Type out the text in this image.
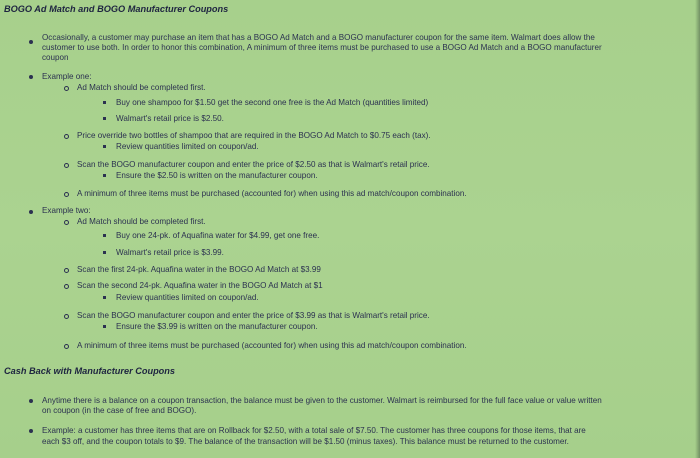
BOGO Ad Match and BOGO Manufacturer Coupons
Occasionally, a customer may purchase an item that has a BOGO Ad Match and a BOGO manufacturer coupon for the same item. Walmart does allow the
customer to use both. In order to honor this combination, A minimum of three items must be purchased to use a BOGO Ad Match and a BOGO manufacturer
coupon
Example one:
Ad Match should be completed first.
Buy one shampoo for $1.50 get the second one free is the Ad Match (quantities limited)
Walmart's retail price is $2.50.
Price override two bottles of shampoo that are required in the BOGO Ad Match to $0.75 each (tax).
Review quantities limited on coupon/ad.
Scan the BOGO manufacturer coupon and enter the price of $2.50 as that is Walmart's retail price.
Ensure the $2.50 is written on the manufacturer coupon.
A minimum of three items must be purchased (accounted for) when using this ad match/coupon combination.
Example two:
Ad Match should be completed first.
Buy one 24-pk. of Aquafina water for $4.99, get one free.
Walmart's retail price is $3.99.
Scan the first 24-pk. Aquafina water in the BOGO Ad Match at $3.99
Scan the second 24-pk. Aquafina water in the BOGO Ad Match at $1
Review quantities limited on coupon/ad.
Scan the BOGO manufacturer coupon and enter the price of $3.99 as that is Walmart's retail price.
Ensure the $3.99 is written on the manufacturer coupon.
A minimum of three items must be purchased (accounted for) when using this ad match/coupon combination.
Cash Back with Manufacturer Coupons
Anytime there is a balance on a coupon transaction, the balance must be given to the customer. Walmart is reimbursed for the full face value or value written
on coupon (in the case of free and BOGO).
Example: a customer has three items that are on Rollback for $2.50, with a total sale of $7.50. The customer has three coupons for those items, that are
each $3 off, and the coupon totals to $9. The balance of the transaction will be $1.50 (minus taxes). This balance must be returned to the customer.
